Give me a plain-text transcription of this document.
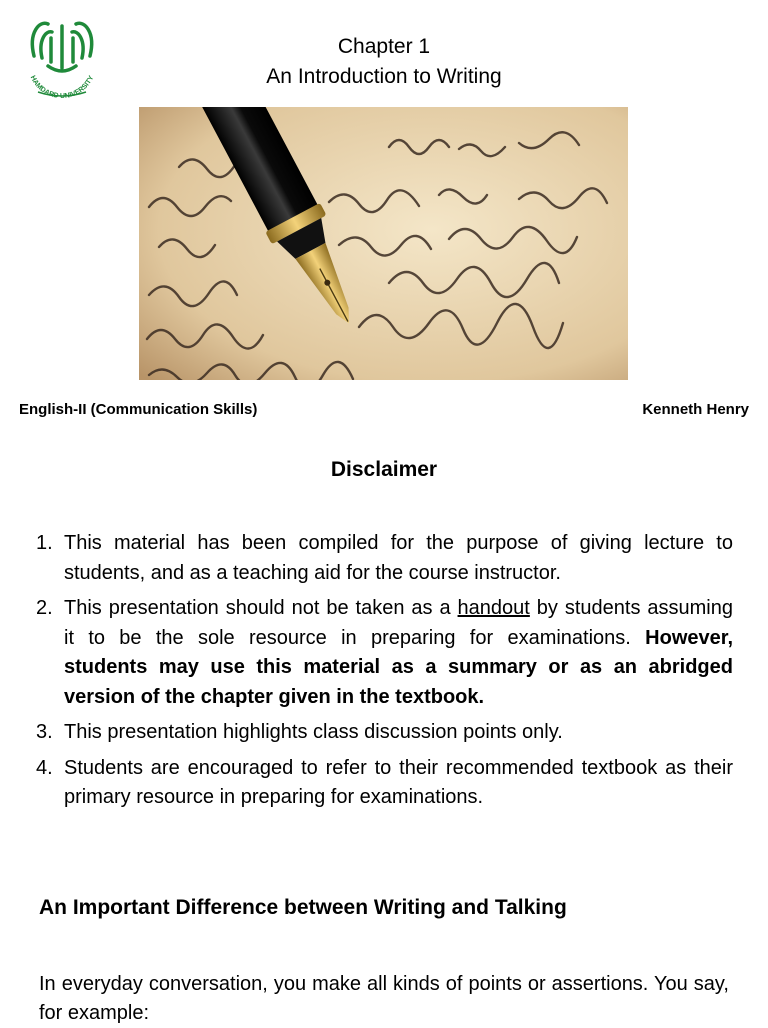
HAMDARD UNIVERSITY
Chapter 1
An Introduction to Writing
English-II (Communication Skills)	Kenneth Henry
Disclaimer
1. This material has been compiled for the purpose of giving lecture to students, and as a teaching aid for the course instructor.
2. This presentation should not be taken as a handout by students assuming it to be the sole resource in preparing for examinations. However, students may use this material as a summary or as an abridged version of the chapter given in the textbook.
3. This presentation highlights class discussion points only.
4. Students are encouraged to refer to their recommended textbook as their primary resource in preparing for examinations.
An Important Difference between Writing and Talking
In everyday conversation, you make all kinds of points or assertions. You say, for example:
